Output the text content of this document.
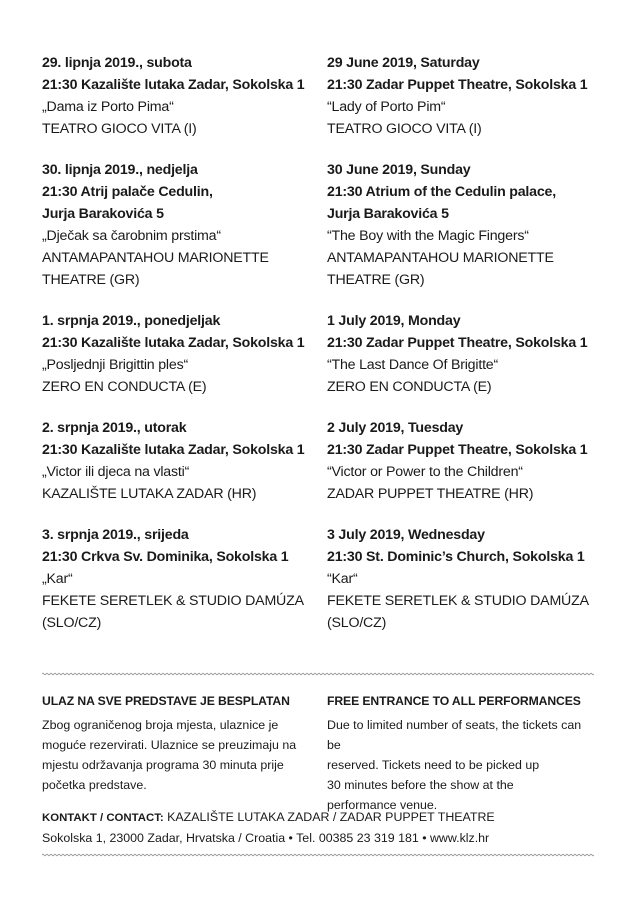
29. lipnja 2019., subota
21:30 Kazalište lutaka Zadar, Sokolska 1
„Dama iz Porto Pima“
TEATRO GIOCO VITA (I)
30. lipnja 2019., nedjelja
21:30 Atrij palače Cedulin,
Jurja Barakovića 5
„Dječak sa čarobnim prstima“
ANTAMAPANTAHOU MARIONETTE
THEATRE (GR)
1. srpnja 2019., ponedjeljak
21:30 Kazalište lutaka Zadar, Sokolska 1
„Posljednji Brigittin ples“
ZERO EN CONDUCTA (E)
2. srpnja 2019., utorak
21:30 Kazalište lutaka Zadar, Sokolska 1
„Victor ili djeca na vlasti“
KAZALIŠTE LUTAKA ZADAR (HR)
3. srpnja 2019., srijeda
21:30 Crkva Sv. Dominika, Sokolska 1
„Kar“
FEKETE SERETLEK & STUDIO DAMÚZA
(SLO/CZ)
29 June 2019, Saturday
21:30 Zadar Puppet Theatre, Sokolska 1
“Lady of Porto Pim“
TEATRO GIOCO VITA (I)
30 June 2019, Sunday
21:30 Atrium of the Cedulin palace,
Jurja Barakovića 5
“The Boy with the Magic Fingers“
ANTAMAPANTAHOU MARIONETTE
THEATRE (GR)
1 July 2019, Monday
21:30 Zadar Puppet Theatre, Sokolska 1
“The Last Dance Of Brigitte“
ZERO EN CONDUCTA (E)
2 July 2019, Tuesday
21:30 Zadar Puppet Theatre, Sokolska 1
“Victor or Power to the Children“
ZADAR PUPPET THEATRE (HR)
3 July 2019, Wednesday
21:30 St. Dominic’s Church, Sokolska 1
“Kar“
FEKETE SERETLEK & STUDIO DAMÚZA
(SLO/CZ)
ULAZ NA SVE PREDSTAVE JE BESPLATAN
Zbog ograničenog broja mjesta, ulaznice je
moguće rezervirati. Ulaznice se preuzimaju na
mjestu održavanja programa 30 minuta prije
početka predstave.
FREE ENTRANCE TO ALL PERFORMANCES
Due to limited number of seats, the tickets can be
reserved. Tickets need to be picked up
30 minutes before the show at the
performance venue.
KONTAKT / CONTACT: KAZALIŠTE LUTAKA ZADAR / ZADAR PUPPET THEATRE
Sokolska 1, 23000 Zadar, Hrvatska / Croatia • Tel. 00385 23 319 181 • www.klz.hr
